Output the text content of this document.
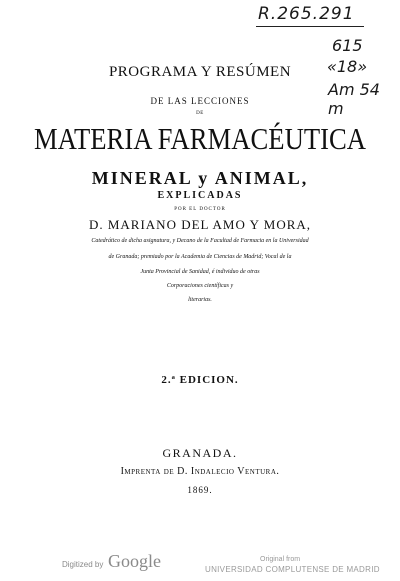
R.265.291
615
«18»
Am 54 m
PROGRAMA Y RESÚMEN
DE LAS LECCIONES
DE
MATERIA FARMACÉUTICA
MINERAL y ANIMAL,
EXPLICADAS
POR EL DOCTOR
D. MARIANO DEL AMO Y MORA,
Catedrático de dicha asignatura, y Decano de la Facultad de Farmacia en la Universidad
de Granada; premiado por la Academia de Ciencias de Madrid; Vocal de la
Junta Provincial de Sanidad, é individuo de otras
Corporaciones científicas y
literarias.
2.ª EDICION.
GRANADA.
Imprenta de D. Indalecio Ventura.
1869.
Digitized by Google	Original from
UNIVERSIDAD COMPLUTENSE DE MADRID
